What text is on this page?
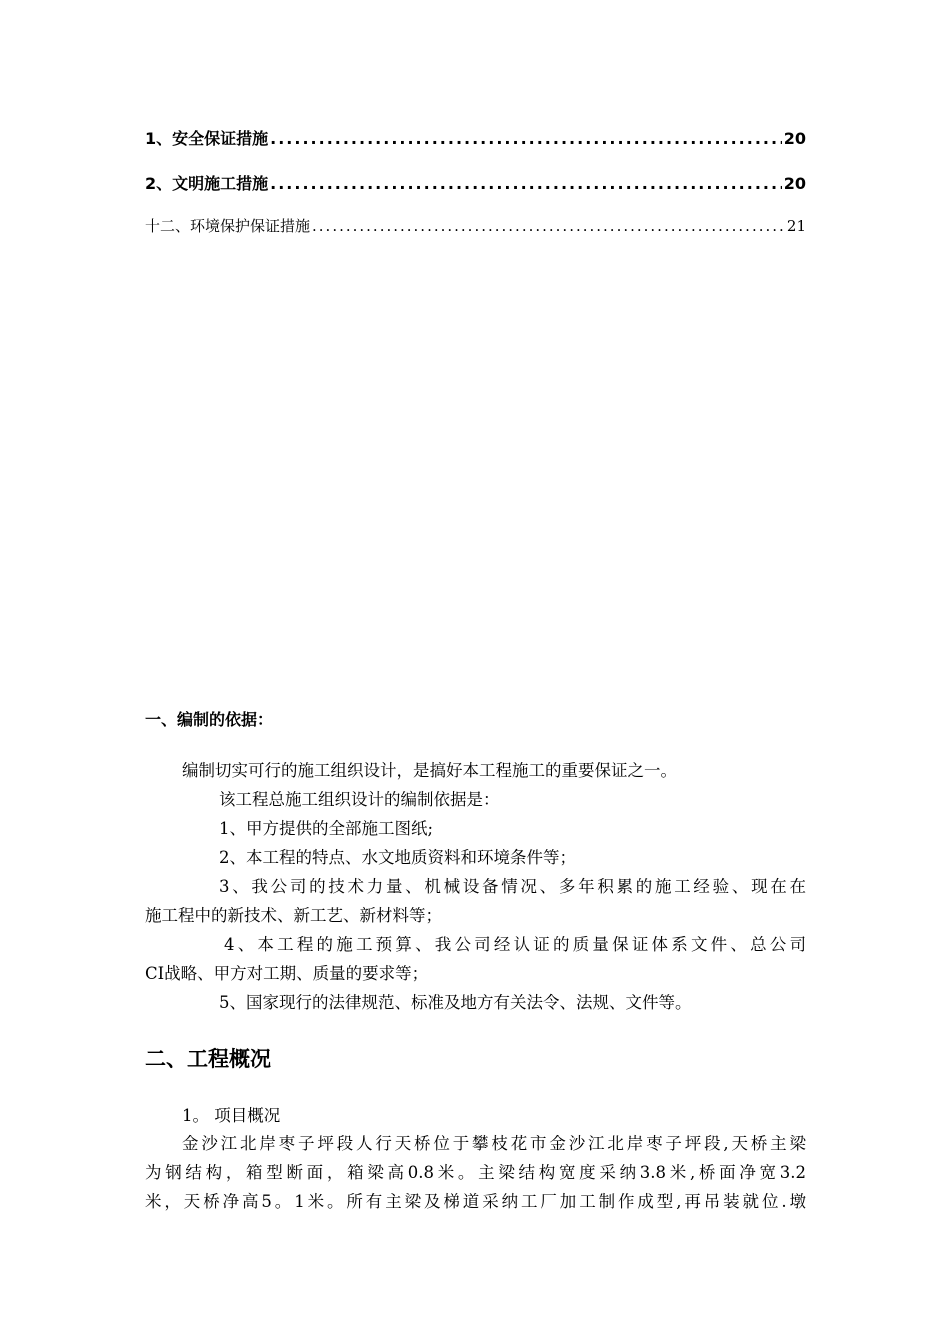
1、安全保证措施 .....	20
2、文明施工措施 .....	20
十二、环境保护保证措施 .....	21
一、编制的依据：
编制切实可行的施工组织设计，是搞好本工程施工的重要保证之一。
该工程总施工组织设计的编制依据是：
1、甲方提供的全部施工图纸;
2、本工程的特点、水文地质资料和环境条件等；
3、我公司的技术力量、机械设备情况、多年积累的施工经验、现在在
施工程中的新技术、新工艺、新材料等；
4、本工程的施工预算、我公司经认证的质量保证体系文件、总公司
CI战略、甲方对工期、质量的要求等；
5、国家现行的法律规范、标准及地方有关法令、法规、文件等。
二、工程概况
1。 项目概况
金沙江北岸枣子坪段人行天桥位于攀枝花市金沙江北岸枣子坪段,天桥主梁
为钢结构，箱型断面，箱梁高0.8米。主梁结构宽度采纳3.8米,桥面净宽3.2
米，天桥净高5。1米。所有主梁及梯道采纳工厂加工制作成型,再吊装就位.墩
